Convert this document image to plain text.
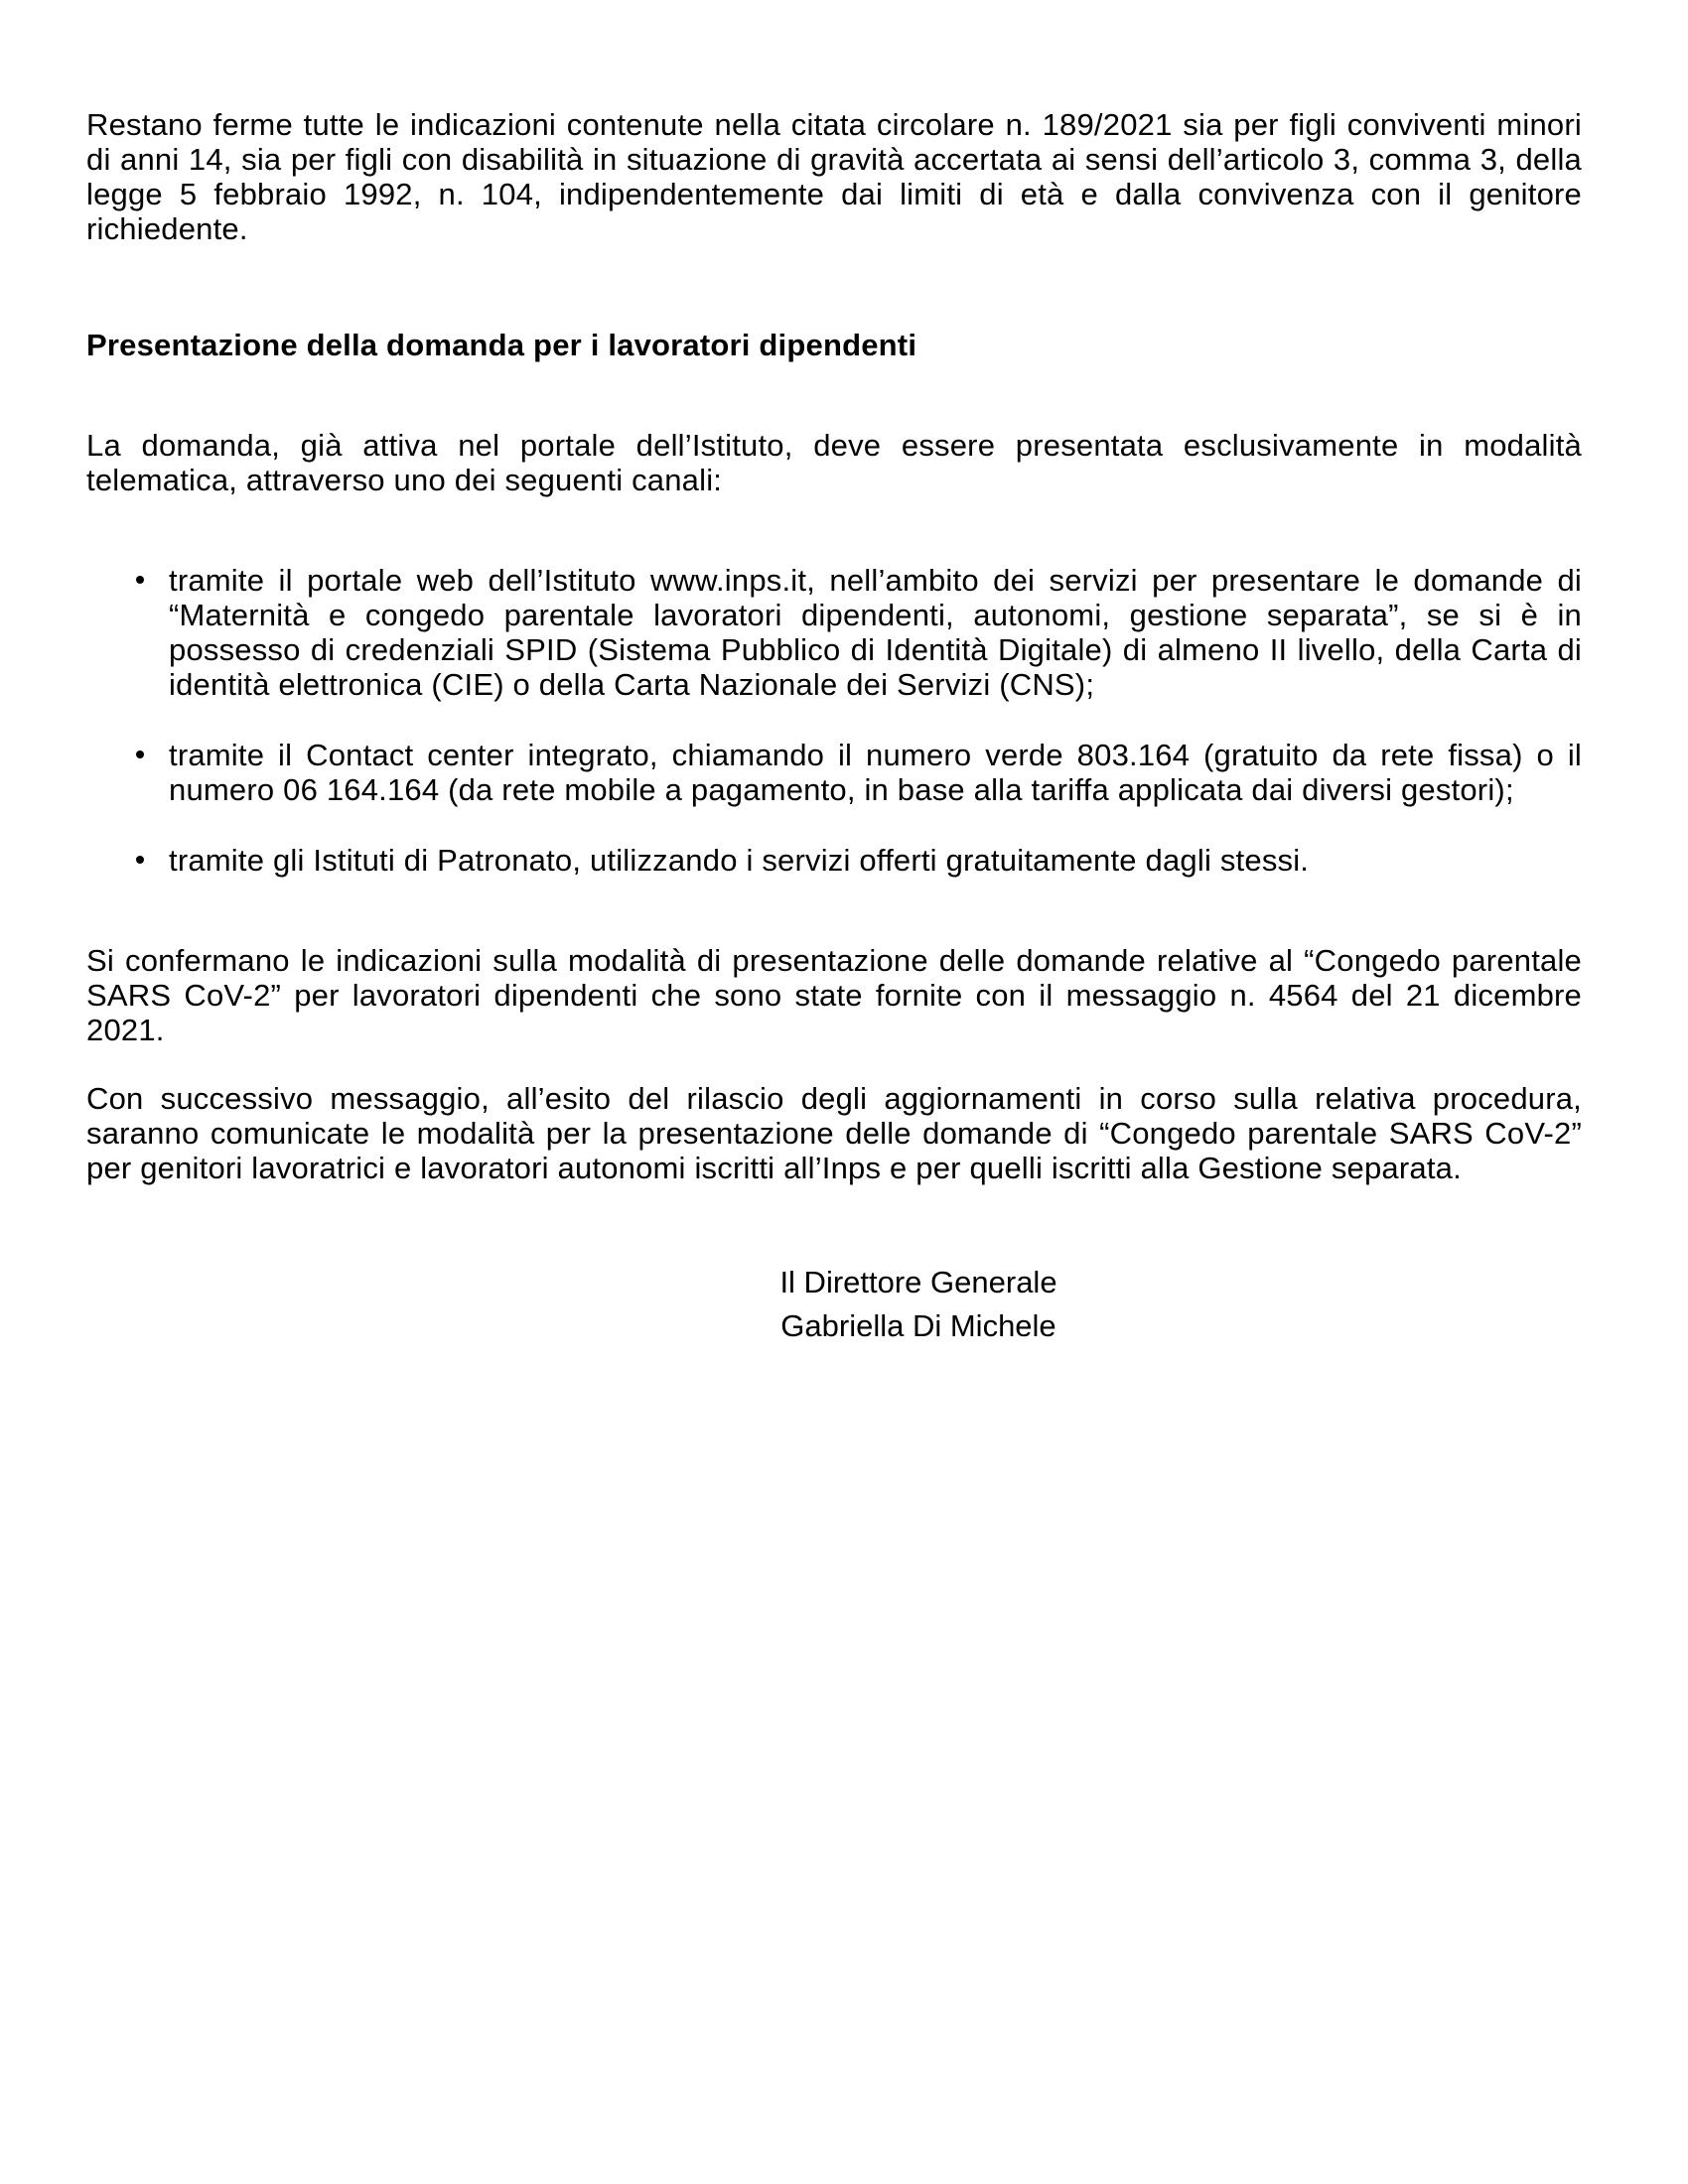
Restano ferme tutte le indicazioni contenute nella citata circolare n. 189/2021 sia per figli conviventi minori di anni 14, sia per figli con disabilità in situazione di gravità accertata ai sensi dell’articolo 3, comma 3, della legge 5 febbraio 1992, n. 104, indipendentemente dai limiti di età e dalla convivenza con il genitore richiedente.

Presentazione della domanda per i lavoratori dipendenti

La domanda, già attiva nel portale dell’Istituto, deve essere presentata esclusivamente in modalità telematica, attraverso uno dei seguenti canali:

tramite il portale web dell’Istituto www.inps.it, nell’ambito dei servizi per presentare le domande di “Maternità e congedo parentale lavoratori dipendenti, autonomi, gestione separata”, se si è in possesso di credenziali SPID (Sistema Pubblico di Identità Digitale) di almeno II livello, della Carta di identità elettronica (CIE) o della Carta Nazionale dei Servizi (CNS);

tramite il Contact center integrato, chiamando il numero verde 803.164 (gratuito da rete fissa) o il numero 06 164.164 (da rete mobile a pagamento, in base alla tariffa applicata dai diversi gestori);

tramite gli Istituti di Patronato, utilizzando i servizi offerti gratuitamente dagli stessi.

Si confermano le indicazioni sulla modalità di presentazione delle domande relative al “Congedo parentale SARS CoV-2” per lavoratori dipendenti che sono state fornite con il messaggio n. 4564 del 21 dicembre 2021.

Con successivo messaggio, all’esito del rilascio degli aggiornamenti in corso sulla relativa procedura, saranno comunicate le modalità per la presentazione delle domande di “Congedo parentale SARS CoV-2” per genitori lavoratrici e lavoratori autonomi iscritti all’Inps e per quelli iscritti alla Gestione separata.

Il Direttore Generale
Gabriella Di Michele
